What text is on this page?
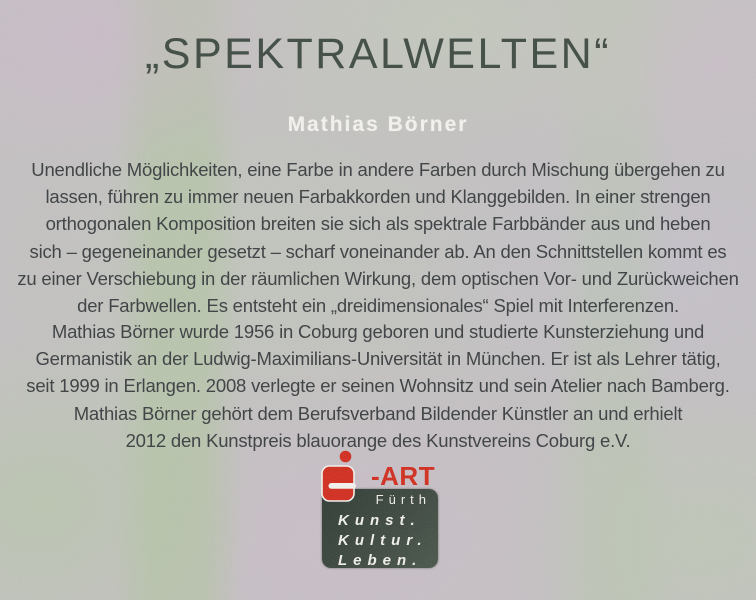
„SPEKTRALWELTEN“
Mathias Börner
Unendliche Möglichkeiten, eine Farbe in andere Farben durch Mischung übergehen zu
lassen, führen zu immer neuen Farbakkorden und Klanggebilden. In einer strengen
orthogonalen Komposition breiten sie sich als spektrale Farbbänder aus und heben
sich – gegeneinander gesetzt – scharf voneinander ab. An den Schnittstellen kommt es
zu einer Verschiebung in der räumlichen Wirkung, dem optischen Vor- und Zurückweichen
der Farbwellen. Es entsteht ein „dreidimensionales“ Spiel mit Interferenzen.
Mathias Börner wurde 1956 in Coburg geboren und studierte Kunsterziehung und
Germanistik an der Ludwig-Maximilians-Universität in München. Er ist als Lehrer tätig,
seit 1999 in Erlangen. 2008 verlegte er seinen Wohnsitz und sein Atelier nach Bamberg.
Mathias Börner gehört dem Berufsverband Bildender Künstler an und erhielt
2012 den Kunstpreis blauorange des Kunstvereins Coburg e.V.
Fürth
Kunst.
Kultur.
Leben.
-ART
